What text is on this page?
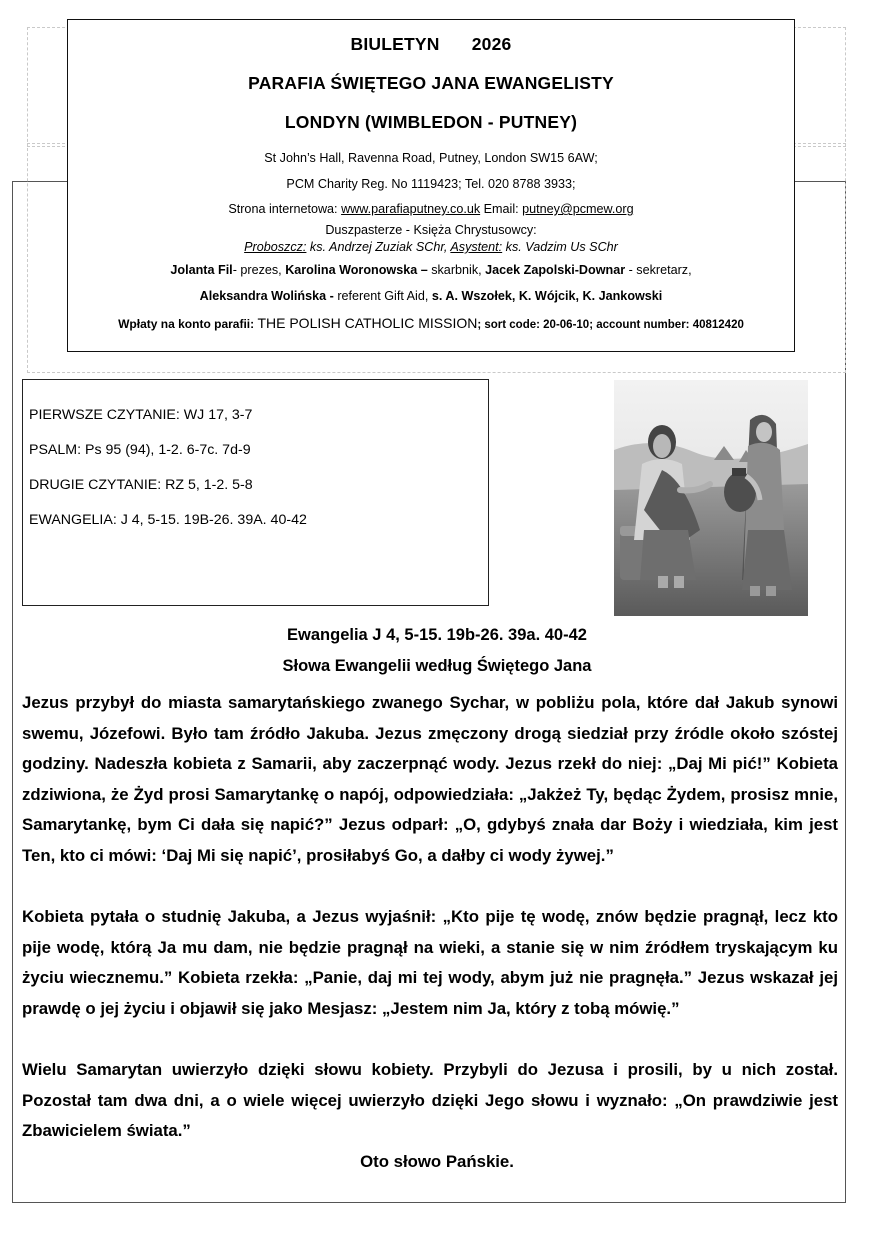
BIULETYN 2026
PARAFIA ŚWIĘTEGO JANA EWANGELISTY
LONDYN (WIMBLEDON - PUTNEY)
St John’s Hall, Ravenna Road, Putney, London SW15 6AW;
PCM Charity Reg. No 1119423; Tel. 020 8788 3933;
Strona internetowa: www.parafiaputney.co.uk Email: putney@pcmew.org
Duszpasterze - Księża Chrystusowcy:
Proboszcz: ks. Andrzej Zuziak SChr, Asystent: ks. Vadzim Us SChr
Jolanta Fil- prezes, Karolina Woronowska – skarbnik, Jacek Zapolski-Downar - sekretarz,
Aleksandra Wolińska - referent Gift Aid, s. A. Wszołek, K. Wójcik, K. Jankowski
Wpłaty na konto parafii: THE POLISH CATHOLIC MISSION; sort code: 20-06-10; account number: 40812420
PIERWSZE CZYTANIE: WJ 17, 3-7
PSALM: Ps 95 (94), 1-2. 6-7c. 7d-9
DRUGIE CZYTANIE: RZ 5, 1-2. 5-8
EWANGELIA: J 4, 5-15. 19B-26. 39A. 40-42
Ewangelia J 4, 5-15. 19b-26. 39a. 40-42
Słowa Ewangelii według Świętego Jana
Jezus przybył do miasta samarytańskiego zwanego Sychar, w pobliżu pola, które dał Jakub synowi swemu, Józefowi. Było tam źródło Jakuba. Jezus zmęczony drogą siedział przy źródle około szóstej godziny. Nadeszła kobieta z Samarii, aby zaczerpnąć wody. Jezus rzekł do niej: „Daj Mi pić!” Kobieta zdziwiona, że Żyd prosi Samarytankę o napój, odpowiedziała: „Jakżeż Ty, będąc Żydem, prosisz mnie, Samarytankę, bym Ci dała się napić?” Jezus odparł: „O, gdybyś znała dar Boży i wiedziała, kim jest Ten, kto ci mówi: ‘Daj Mi się napić’, prosiłabyś Go, a dałby ci wody żywej.”
Kobieta pytała o studnię Jakuba, a Jezus wyjaśnił: „Kto pije tę wodę, znów będzie pragnął, lecz kto pije wodę, którą Ja mu dam, nie będzie pragnął na wieki, a stanie się w nim źródłem tryskającym ku życiu wiecznemu.” Kobieta rzekła: „Panie, daj mi tej wody, abym już nie pragnęła.” Jezus wskazał jej prawdę o jej życiu i objawił się jako Mesjasz: „Jestem nim Ja, który z tobą mówię.”
Wielu Samarytan uwierzyło dzięki słowu kobiety. Przybyli do Jezusa i prosili, by u nich został. Pozostał tam dwa dni, a o wiele więcej uwierzyło dzięki Jego słowu i wyznało: „On prawdziwie jest Zbawicielem świata.”
Oto słowo Pańskie.
